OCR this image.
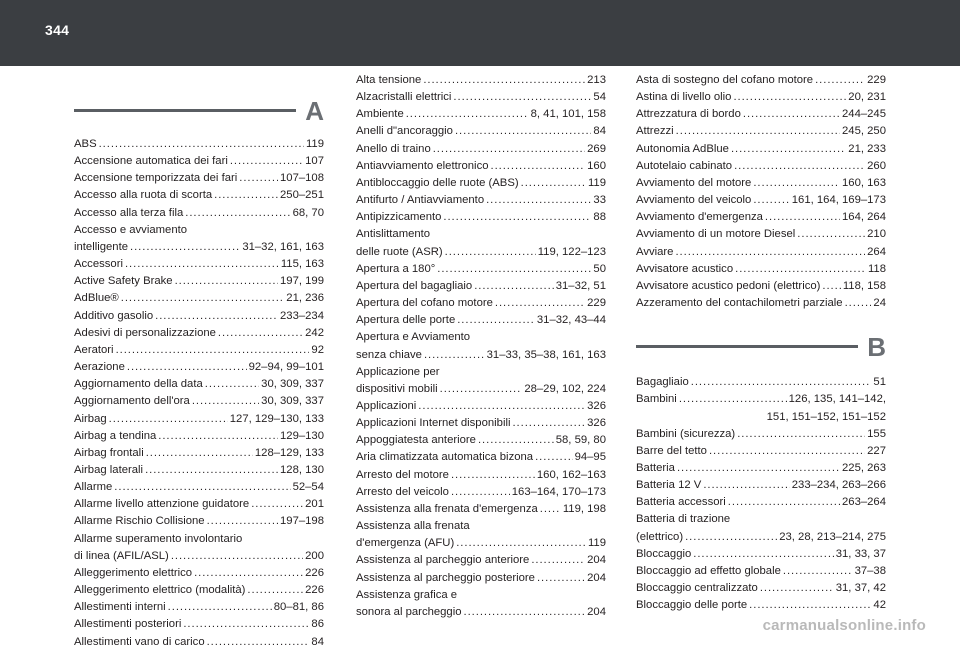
344
A
ABS . . .	119
Accensione automatica dei fari . . .	107
Accensione temporizzata dei fari . . .	107–108
Accesso alla ruota di scorta . . .	250–251
Accesso alla terza fila . . .	68, 70
Accesso e avviamento
intelligente . . .	31–32, 161, 163
Accessori . . .	115, 163
Active Safety Brake . . .	197, 199
AdBlue® . . .	21, 236
Additivo gasolio . . .	233–234
Adesivi di personalizzazione . . .	242
Aeratori . . .	92
Aerazione . . .	92–94, 99–101
Aggiornamento della data . . .	30, 309, 337
Aggiornamento dell'ora . . .	30, 309, 337
Airbag . . .	127, 129–130, 133
Airbag a tendina . . .	129–130
Airbag frontali . . .	128–129, 133
Airbag laterali . . .	128, 130
Allarme . . .	52–54
Allarme livello attenzione guidatore . . .	201
Allarme Rischio Collisione . . .	197–198
Allarme superamento involontario
di linea (AFIL/ASL) . . .	200
Alleggerimento elettrico . . .	226
Alleggerimento elettrico (modalità) . . .	226
Allestimenti interni . . .	80–81, 86
Allestimenti posteriori . . .	86
Allestimenti vano di carico . . .	84
Alta tensione . . .	213
Alzacristalli elettrici . . .	54
Ambiente . . .	8, 41, 101, 158
Anelli d"ancoraggio . . .	84
Anello di traino . . .	269
Antiavviamento elettronico . . .	160
Antibloccaggio delle ruote (ABS) . . .	119
Antifurto / Antiavviamento . . .	33
Antipizzicamento . . .	88
Antislittamento
delle ruote (ASR) . . .	119, 122–123
Apertura a 180° . . .	50
Apertura del bagagliaio . . .	31–32, 51
Apertura del cofano motore . . .	229
Apertura delle porte . . .	31–32, 43–44
Apertura e Avviamento
senza chiave . . .	31–33, 35–38, 161, 163
Applicazione per
dispositivi mobili . . .	28–29, 102, 224
Applicazioni . . .	326
Applicazioni Internet disponibili . . .	326
Appoggiatesta anteriore . . .	58, 59, 80
Aria climatizzata automatica bizona . . .	94–95
Arresto del motore . . .	160, 162–163
Arresto del veicolo . . .	163–164, 170–173
Assistenza alla frenata d'emergenza . . . 119, 198
Assistenza alla frenata
d'emergenza (AFU) . . .	119
Assistenza al parcheggio anteriore . . .	204
Assistenza al parcheggio posteriore . . .	204
Assistenza grafica e
sonora al parcheggio . . .	204
Asta di sostegno del cofano motore . . .	229
Astina di livello olio . . .	20, 231
Attrezzatura di bordo . . .	244–245
Attrezzi . . .	245, 250
Autonomia AdBlue . . .	21, 233
Autotelaio cabinato . . .	260
Avviamento del motore . . .	160, 163
Avviamento del veicolo . . .	161, 164, 169–173
Avviamento d'emergenza . . .	164, 264
Avviamento di un motore Diesel . . .	210
Avviare . . .	264
Avvisatore acustico . . .	118
Avvisatore acustico pedoni (elettrico) . . . 118, 158
Azzeramento del contachilometri parziale . . .	24
B
Bagagliaio . . .	51
Bambini . . .	126, 135, 141–142,
151, 151–152, 151–152
Bambini (sicurezza) . . .	155
Barre del tetto . . .	227
Batteria . . .	225, 263
Batteria 12 V . . .	233–234, 263–266
Batteria accessori . . .	263–264
Batteria di trazione
(elettrico) . . .	23, 28, 213–214, 275
Bloccaggio . . .	31, 33, 37
Bloccaggio ad effetto globale . . .	37–38
Bloccaggio centralizzato . . .	31, 37, 42
Bloccaggio delle porte . . .	42
carmanualsonline.info
